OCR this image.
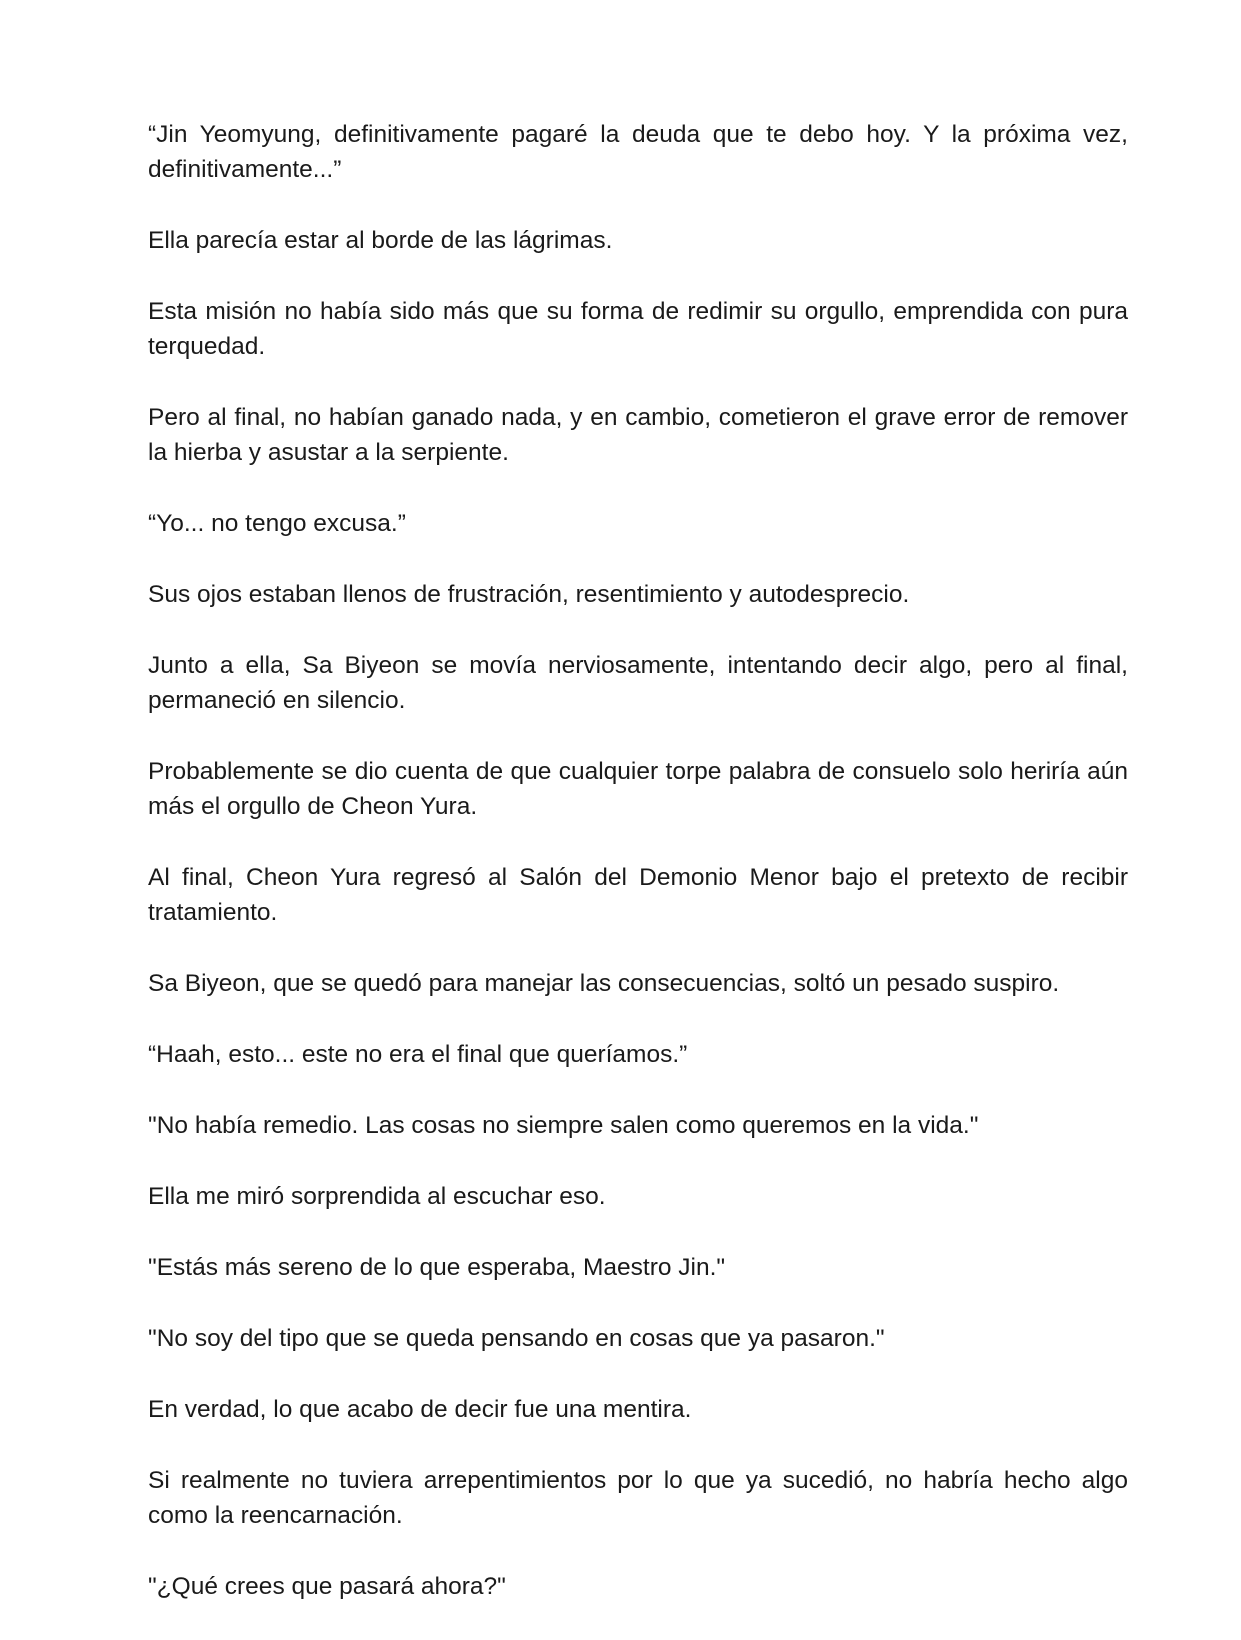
“Jin Yeomyung, definitivamente pagaré la deuda que te debo hoy. Y la próxima vez, definitivamente...”

Ella parecía estar al borde de las lágrimas.

Esta misión no había sido más que su forma de redimir su orgullo, emprendida con pura terquedad.

Pero al final, no habían ganado nada, y en cambio, cometieron el grave error de remover la hierba y asustar a la serpiente.

“Yo... no tengo excusa.”

Sus ojos estaban llenos de frustración, resentimiento y autodesprecio.

Junto a ella, Sa Biyeon se movía nerviosamente, intentando decir algo, pero al final, permaneció en silencio.

Probablemente se dio cuenta de que cualquier torpe palabra de consuelo solo heriría aún más el orgullo de Cheon Yura.

Al final, Cheon Yura regresó al Salón del Demonio Menor bajo el pretexto de recibir tratamiento.

Sa Biyeon, que se quedó para manejar las consecuencias, soltó un pesado suspiro.

“Haah, esto... este no era el final que queríamos.”

"No había remedio. Las cosas no siempre salen como queremos en la vida."

Ella me miró sorprendida al escuchar eso.

"Estás más sereno de lo que esperaba, Maestro Jin."

"No soy del tipo que se queda pensando en cosas que ya pasaron."

En verdad, lo que acabo de decir fue una mentira.

Si realmente no tuviera arrepentimientos por lo que ya sucedió, no habría hecho algo como la reencarnación.

"¿Qué crees que pasará ahora?"
